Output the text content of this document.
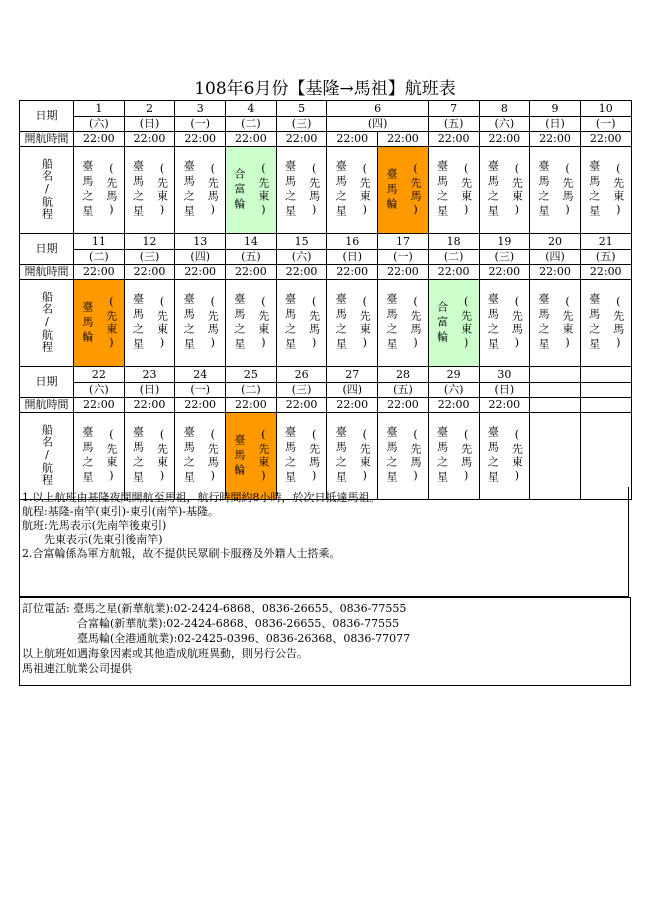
108年6月份【基隆→馬祖】航班表
日期	1	2	3	4	5	6		7	8	9	10
	(六)	(日)	(一)	(二)	(三)	(四)		(五)	(六)	(日)	(一)
開航時間	22:00	22:00	22:00	22:00	22:00	22:00	22:00	22:00	22:00	22:00	22:00
船名/航程	臺馬之星 (先馬)	臺馬之星 (先東)	臺馬之星 (先馬)	合富輪 (先東)	臺馬之星 (先馬)	臺馬之星 (先東)	臺馬輪 (先馬)	臺馬之星 (先東)	臺馬之星 (先東)	臺馬之星 (先馬)	臺馬之星 (先東)

日期	11	12	13	14	15	16	17	18	19	20	21
	(二)	(三)	(四)	(五)	(六)	(日)	(一)	(二)	(三)	(四)	(五)
開航時間	22:00	22:00	22:00	22:00	22:00	22:00	22:00	22:00	22:00	22:00	22:00
船名/航程	臺馬輪 (先東)	臺馬之星 (先東)	臺馬之星 (先馬)	臺馬之星 (先東)	臺馬之星 (先馬)	臺馬之星 (先東)	臺馬之星 (先馬)	合富輪 (先東)	臺馬之星 (先馬)	臺馬之星 (先東)	臺馬之星 (先馬)

日期	22	23	24	25	26	27	28	29	30		
	(六)	(日)	(一)	(二)	(三)	(四)	(五)	(六)	(日)		
開航時間	22:00	22:00	22:00	22:00	22:00	22:00	22:00	22:00	22:00		
船名/航程	臺馬之星 (先東)	臺馬之星 (先東)	臺馬之星 (先馬)	臺馬輪 (先東)	臺馬之星 (先馬)	臺馬之星 (先東)	臺馬之星 (先馬)	臺馬之星 (先馬)	臺馬之星 (先東)		

1.以上航班由基隆夜間開航至馬祖，航行時間約8小時，於次日抵達馬祖。
航程:基隆-南竿(東引)-東引(南竿)-基隆。
航班:先馬表示(先南竿後東引)
　　先東表示(先東引後南竿)
2.合富輪係為軍方航報，故不提供民眾刷卡服務及外籍人士搭乘。
訂位電話: 臺馬之星(新華航業):02-2424-6868、0836-26655、0836-77555
　　　　　合富輪(新華航業):02-2424-6868、0836-26655、0836-77555
　　　　　臺馬輪(全港通航業):02-2425-0396、0836-26368、0836-77077
以上航班如遇海象因素或其他造成航班異動，則另行公告。
馬祖連江航業公司提供
